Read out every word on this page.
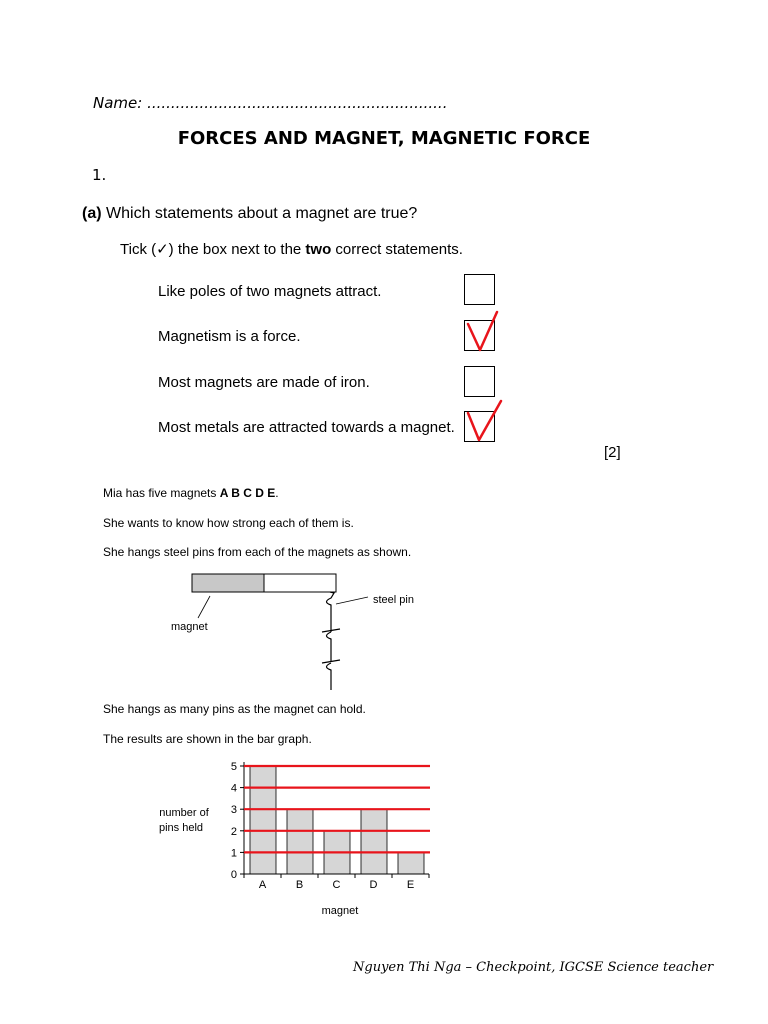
Name: ...............................................................
FORCES AND MAGNET, MAGNETIC FORCE
1.
(a) Which statements about a magnet are true?
Tick (✓) the box next to the two correct statements.
Like poles of two magnets attract.
Magnetism is a force.
Most magnets are made of iron.
Most metals are attracted towards a magnet.
[2]
Mia has five magnets A B C D E.
She wants to know how strong each of them is.
She hangs steel pins from each of the magnets as shown.
magnet
steel pin
She hangs as many pins as the magnet can hold.
The results are shown in the bar graph.
0
1
2
3
4
5
A	B	C	D	E
number of
pins held
magnet
Nguyen Thi Nga – Checkpoint, IGCSE Science teacher
